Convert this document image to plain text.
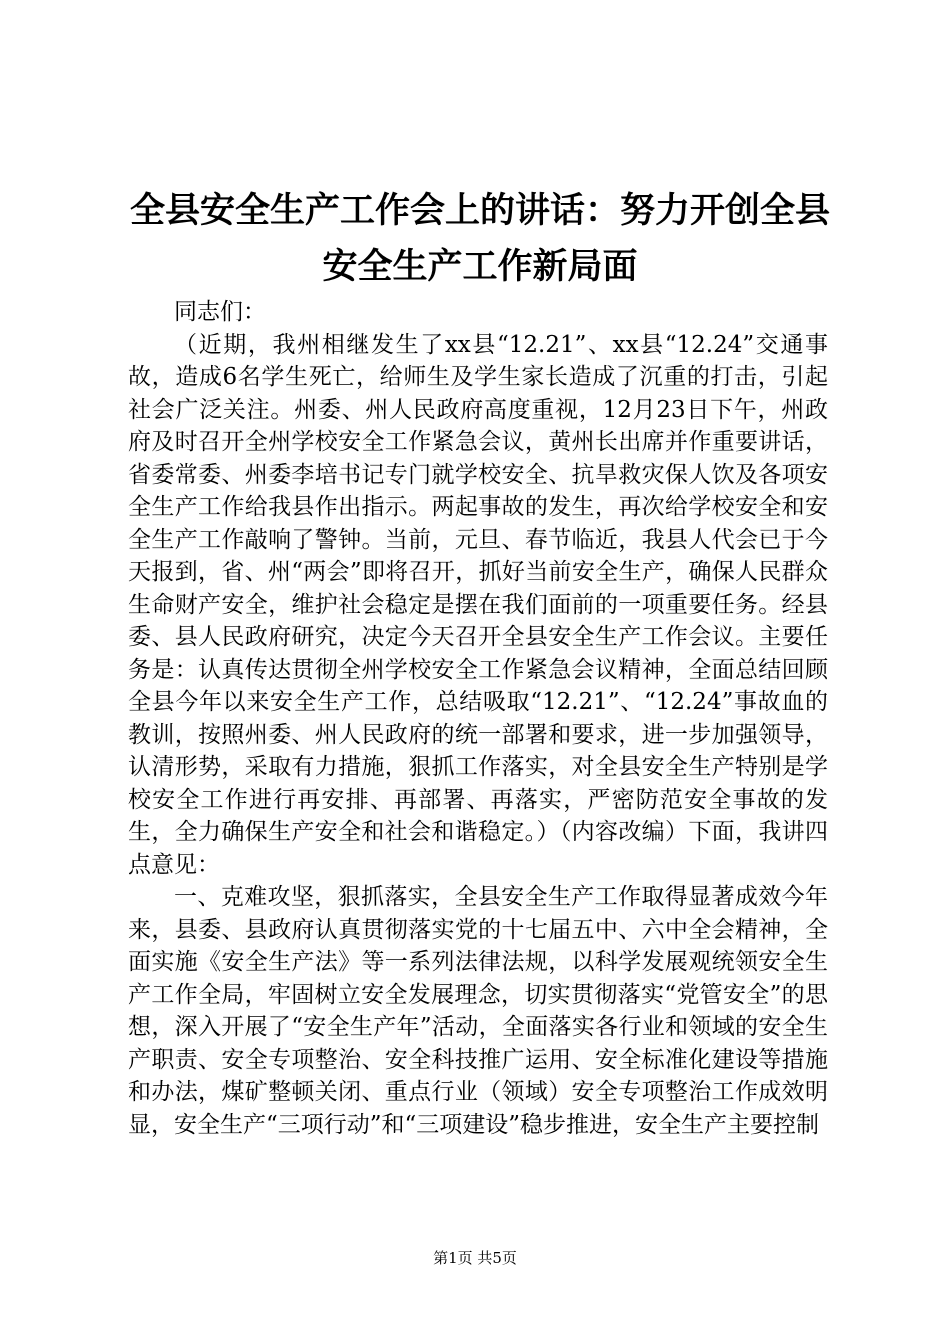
全县安全生产工作会上的讲话：努力开创全县
安全生产工作新局面
同志们：
（近期，我州相继发生了xx县“12.21”、xx县“12.24”交通事故，造成6名学生死亡，给师生及学生家长造成了沉重的打击，引起社会广泛关注。州委、州人民政府高度重视，12月23日下午，州政府及时召开全州学校安全工作紧急会议，黄州长出席并作重要讲话，省委常委、州委李培书记专门就学校安全、抗旱救灾保人饮及各项安全生产工作给我县作出指示。两起事故的发生，再次给学校安全和安全生产工作敲响了警钟。当前，元旦、春节临近，我县人代会已于今天报到，省、州“两会”即将召开，抓好当前安全生产，确保人民群众生命财产安全，维护社会稳定是摆在我们面前的一项重要任务。经县委、县人民政府研究，决定今天召开全县安全生产工作会议。主要任务是：认真传达贯彻全州学校安全工作紧急会议精神，全面总结回顾全县今年以来安全生产工作，总结吸取“12.21”、“12.24”事故血的教训，按照州委、州人民政府的统一部署和要求，进一步加强领导，认清形势，采取有力措施，狠抓工作落实，对全县安全生产特别是学校安全工作进行再安排、再部署、再落实，严密防范安全事故的发生，全力确保生产安全和社会和谐稳定。）（内容改编）下面，我讲四点意见：
一、克难攻坚，狠抓落实，全县安全生产工作取得显著成效今年来，县委、县政府认真贯彻落实党的十七届五中、六中全会精神，全面实施《安全生产法》等一系列法律法规，以科学发展观统领安全生产工作全局，牢固树立安全发展理念，切实贯彻落实“党管安全”的思想，深入开展了“安全生产年”活动，全面落实各行业和领域的安全生产职责、安全专项整治、安全科技推广运用、安全标准化建设等措施和办法，煤矿整顿关闭、重点行业（领域）安全专项整治工作成效明显，安全生产“三项行动”和“三项建设”稳步推进，安全生产主要控制
第1页 共5页
